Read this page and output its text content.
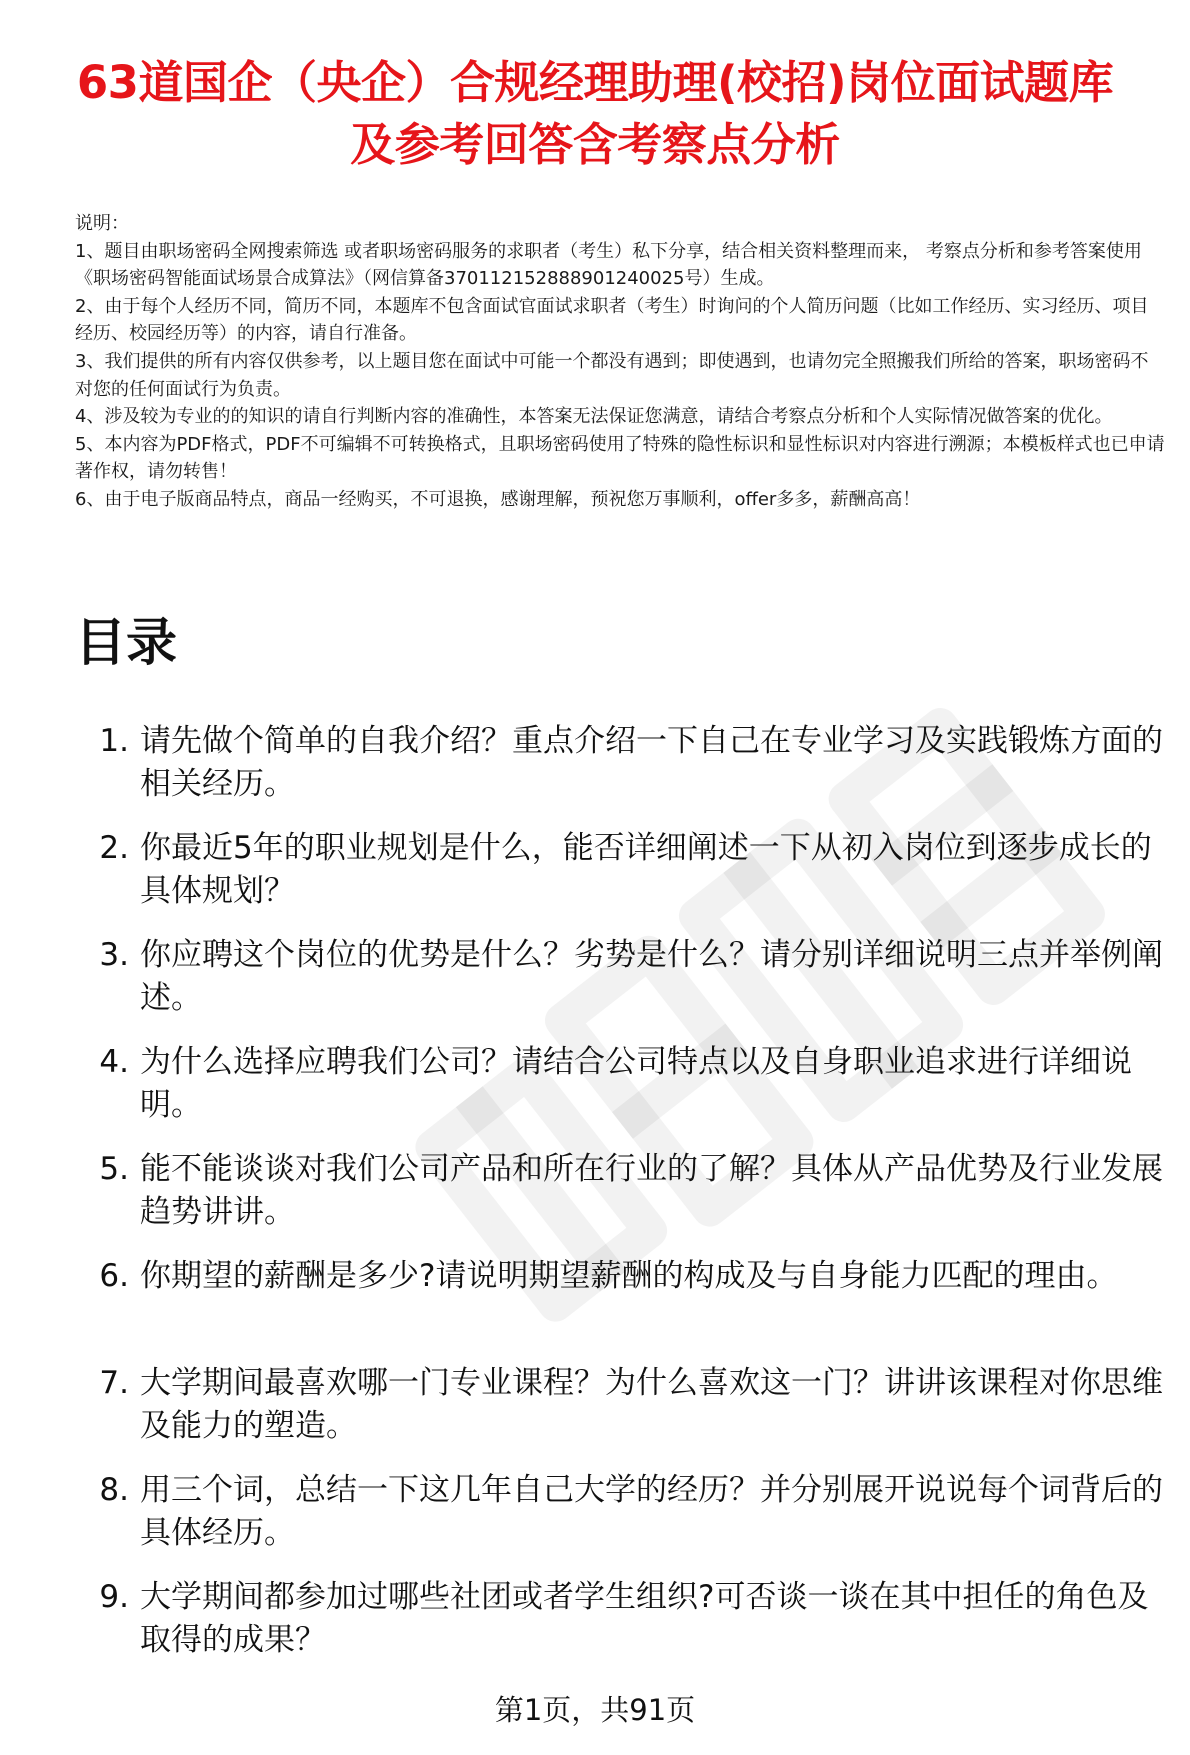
63道国企（央企）合规经理助理(校招)岗位面试题库及参考回答含考察点分析
说明：
1、题目由职场密码全网搜索筛选 或者职场密码服务的求职者（考生）私下分享，结合相关资料整理而来， 考察点分析和参考答案使用《职场密码智能面试场景合成算法》（网信算备370112152888901240025号）生成。
2、由于每个人经历不同，简历不同，本题库不包含面试官面试求职者（考生）时询问的个人简历问题（比如工作经历、实习经历、项目经历、校园经历等）的内容，请自行准备。
3、我们提供的所有内容仅供参考，以上题目您在面试中可能一个都没有遇到；即使遇到，也请勿完全照搬我们所给的答案，职场密码不对您的任何面试行为负责。
4、涉及较为专业的的知识的请自行判断内容的准确性，本答案无法保证您满意，请结合考察点分析和个人实际情况做答案的优化。
5、本内容为PDF格式，PDF不可编辑不可转换格式，且职场密码使用了特殊的隐性标识和显性标识对内容进行溯源；本模板样式也已申请著作权，请勿转售！
6、由于电子版商品特点，商品一经购买，不可退换，感谢理解，预祝您万事顺利，offer多多，薪酬高高！
目录
1. 请先做个简单的自我介绍？重点介绍一下自己在专业学习及实践锻炼方面的相关经历。
2. 你最近5年的职业规划是什么，能否详细阐述一下从初入岗位到逐步成长的具体规划？
3. 你应聘这个岗位的优势是什么？劣势是什么？请分别详细说明三点并举例阐述。
4. 为什么选择应聘我们公司？请结合公司特点以及自身职业追求进行详细说明。
5. 能不能谈谈对我们公司产品和所在行业的了解？具体从产品优势及行业发展趋势讲讲。
6. 你期望的薪酬是多少?请说明期望薪酬的构成及与自身能力匹配的理由。
7. 大学期间最喜欢哪一门专业课程？为什么喜欢这一门？讲讲该课程对你思维及能力的塑造。
8. 用三个词，总结一下这几年自己大学的经历？并分别展开说说每个词背后的具体经历。
9. 大学期间都参加过哪些社团或者学生组织?可否谈一谈在其中担任的角色及取得的成果？
第1页，共91页
